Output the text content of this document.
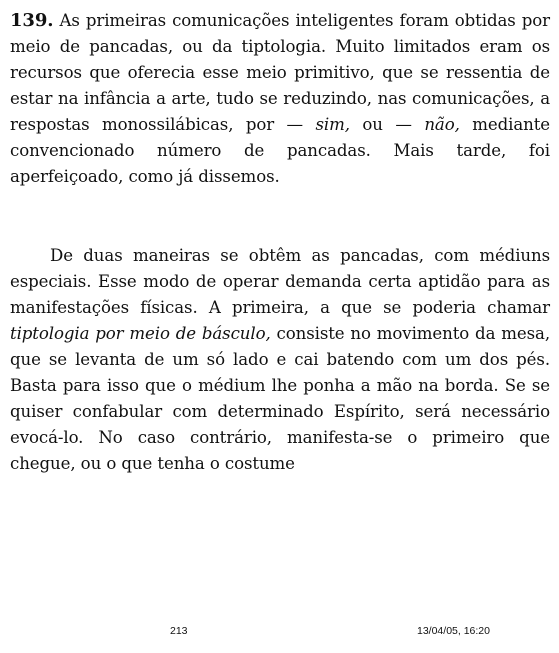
139. As primeiras comunicações inteligentes foram obtidas por meio de pancadas, ou da tiptologia. Muito limitados eram os recursos que oferecia esse meio primitivo, que se ressentia de estar na infância a arte, tudo se reduzindo, nas comunicações, a respostas monossilábicas, por — sim, ou — não, mediante convencionado número de pancadas. Mais tarde, foi aperfeiçoado, como já dissemos.

De duas maneiras se obtêm as pancadas, com médiuns especiais. Esse modo de operar demanda certa aptidão para as manifestações físicas. A primeira, a que se poderia chamar tiptologia por meio de básculo, consiste no movimento da mesa, que se levanta de um só lado e cai batendo com um dos pés. Basta para isso que o médium lhe ponha a mão na borda. Se se quiser confabular com determinado Espírito, será necessário evocá-lo. No caso contrário, manifesta-se o primeiro que chegue, ou o que tenha o costume

213	13/04/05, 16:20
